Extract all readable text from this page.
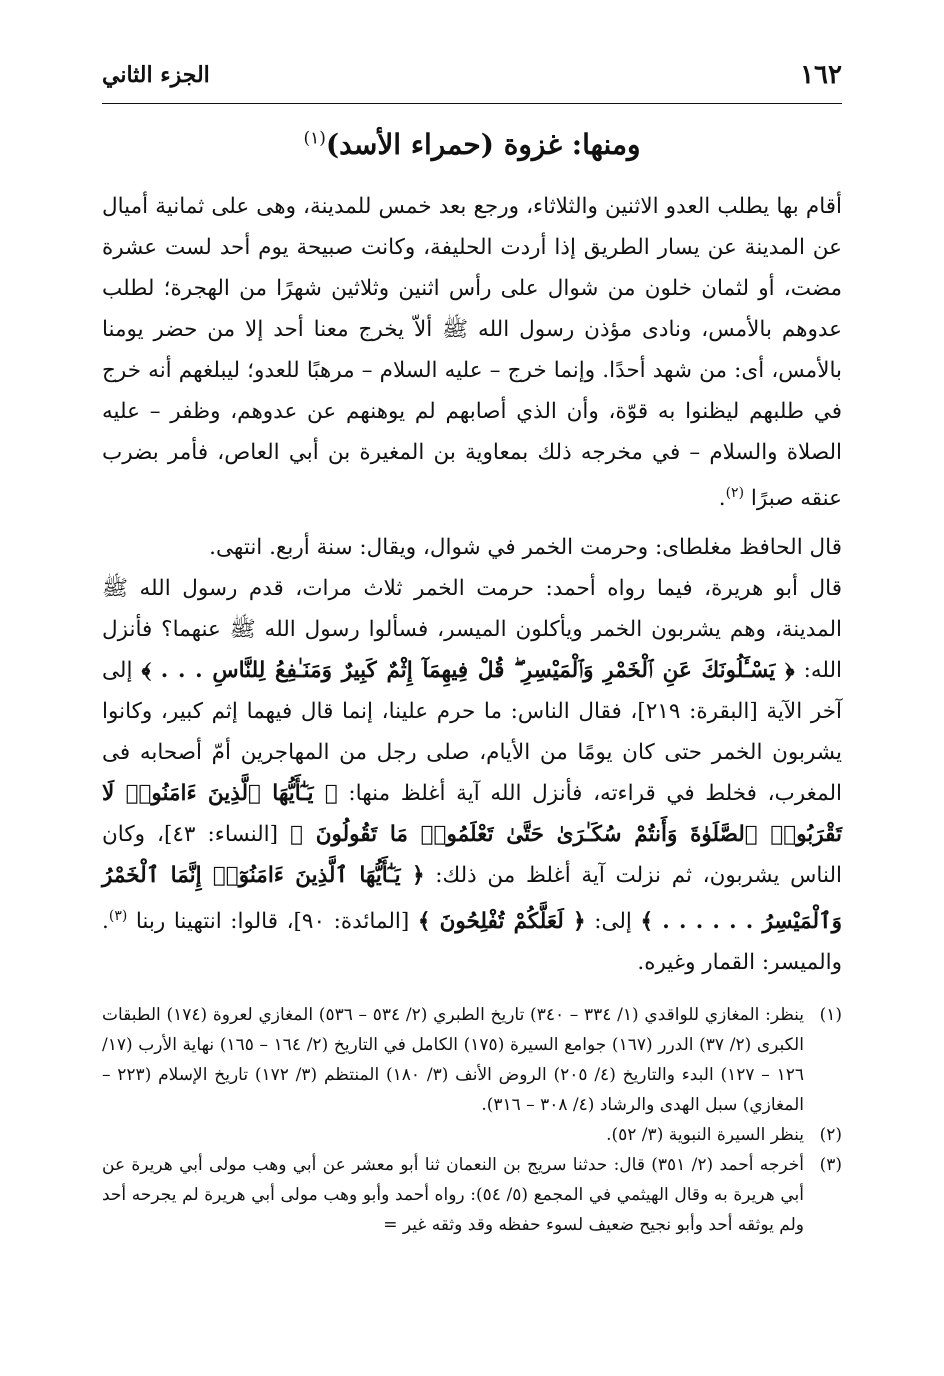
١٦٢
الجزء الثاني
ومنها: غزوة (حمراء الأسد)$^{(١)}$

أقام بها يطلب العدو الاثنين والثلاثاء، ورجع بعد خمس للمدينة، وهى على ثمانية أميال عن المدينة عن يسار الطريق إذا أردت الحليفة، وكانت صبيحة يوم أحد لست عشرة مضت، أو لثمان خلون من شوال على رأس اثنين وثلاثين شهرًا من الهجرة؛ لطلب عدوهم بالأمس، ونادى مؤذن رسول الله ﷺ ألاّ يخرج معنا أحد إلا من حضر يومنا بالأمس، أى: من شهد أحدًا. وإنما خرج – عليه السلام – مرهبًا للعدو؛ ليبلغهم أنه خرج في طلبهم ليظنوا به قوّة، وأن الذي أصابهم لم يوهنهم عن عدوهم، وظفر – عليه الصلاة والسلام – في مخرجه ذلك بمعاوية بن المغيرة بن أبي العاص، فأمر بضرب عنقه صبرًا $^{(٢)}$.

قال الحافظ مغلطاى: وحرمت الخمر في شوال، ويقال: سنة أربع. انتهى.

قال أبو هريرة، فيما رواه أحمد: حرمت الخمر ثلاث مرات، قدم رسول الله ﷺ المدينة، وهم يشربون الخمر ويأكلون الميسر، فسألوا رسول الله ﷺ عنهما؟ فأنزل الله: ﴿ يَسْـَٔلُونَكَ عَنِ ٱلْخَمْرِ وَٱلْمَيْسِرِ ۖ قُلْ فِيهِمَآ إِثْمٌ كَبِيرٌ وَمَنَـٰفِعُ لِلنَّاسِ . . . ﴾ إلى آخر الآية [البقرة: ٢١٩]، فقال الناس: ما حرم علينا، إنما قال فيهما إثم كبير، وكانوا يشربون الخمر حتى كان يومًا من الأيام، صلى رجل من المهاجرين أمّ أصحابه فى المغرب، فخلط في قراءته، فأنزل الله آية أغلظ منها: ﴿ يَـٰٓأَيُّهَا ٱلَّذِينَ ءَامَنُوا۟ لَا تَقْرَبُوا۟ ٱلصَّلَوٰةَ وَأَنتُمْ سُكَـٰرَىٰ حَتَّىٰ تَعْلَمُوا۟ مَا تَقُولُونَ ﴾ [النساء: ٤٣]، وكان الناس يشربون، ثم نزلت آية أغلظ من ذلك: ﴿ يَـٰٓأَيُّهَا ٱلَّذِينَ ءَامَنُوٓا۟ إِنَّمَا ٱلْخَمْرُ وَٱلْمَيْسِرُ . . . . . . ﴾ إلى: ﴿ لَعَلَّكُمْ تُفْلِحُونَ ﴾ [المائدة: ٩٠]، قالوا: انتهينا ربنا $^{(٣)}$. والميسر: القمار وغيره.

(١)
ينظر: المغازي للواقدي (١/ ٣٣٤ – ٣٤٠) تاريخ الطبري (٢/ ٥٣٤ – ٥٣٦) المغازي لعروة (١٧٤) الطبقات الكبرى (٢/ ٣٧) الدرر (١٦٧) جوامع السيرة (١٧٥) الكامل في التاريخ (٢/ ١٦٤ – ١٦٥) نهاية الأرب (١٧/ ١٢٦ – ١٢٧) البدء والتاريخ (٤/ ٢٠٥) الروض الأنف (٣/ ١٨٠) المنتظم (٣/ ١٧٢) تاريخ الإسلام (٢٢٣ – المغازي) سبل الهدى والرشاد (٤/ ٣٠٨ – ٣١٦).
(٢)
ينظر السيرة النبوية (٣/ ٥٢).
(٣)
أخرجه أحمد (٢/ ٣٥١) قال: حدثنا سريج بن النعمان ثنا أبو معشر عن أبي وهب مولى أبي هريرة عن أبي هريرة به وقال الهيثمي في المجمع (٥/ ٥٤): رواه أحمد وأبو وهب مولى أبي هريرة لم يجرحه أحد ولم يوثقه أحد وأبو نجيح ضعيف لسوء حفظه وقد وثقه غير =
